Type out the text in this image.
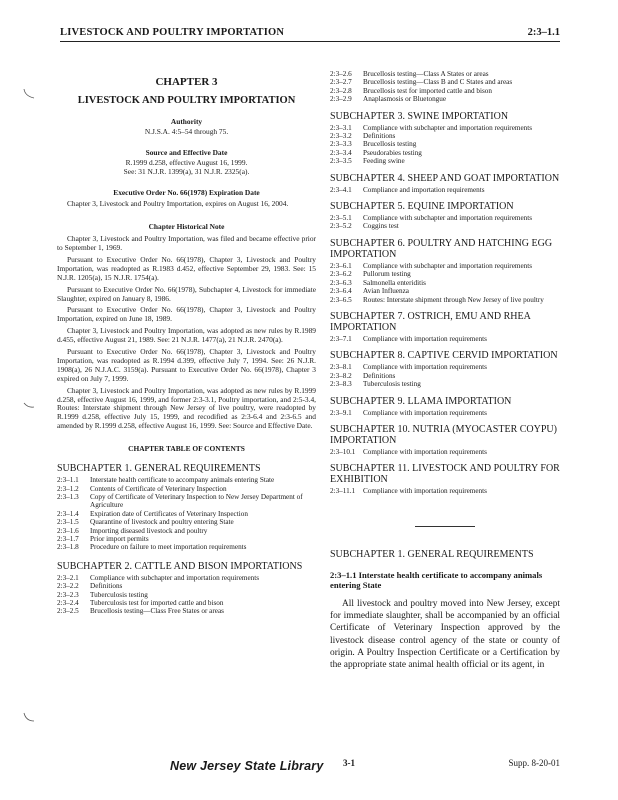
LIVESTOCK AND POULTRY IMPORTATION	2:3–1.1
CHAPTER 3
LIVESTOCK AND POULTRY IMPORTATION
Authority
N.J.S.A. 4:5–54 through 75.
Source and Effective Date
R.1999 d.258, effective August 16, 1999.
See: 31 N.J.R. 1399(a), 31 N.J.R. 2325(a).
Executive Order No. 66(1978) Expiration Date

Chapter 3, Livestock and Poultry Importation, expires on August 16, 2004.

Chapter Historical Note

Chapter 3, Livestock and Poultry Importation, was filed and became effective prior to September 1, 1969.

Pursuant to Executive Order No. 66(1978), Chapter 3, Livestock and Poultry Importation, was readopted as R.1983 d.452, effective September 29, 1983. See: 15 N.J.R. 1205(a), 15 N.J.R. 1754(a).

Pursuant to Executive Order No. 66(1978), Subchapter 4, Livestock for immediate Slaughter, expired on January 8, 1986.

Pursuant to Executive Order No. 66(1978), Chapter 3, Livestock and Poultry Importation, expired on June 18, 1989.

Chapter 3, Livestock and Poultry Importation, was adopted as new rules by R.1989 d.455, effective August 21, 1989. See: 21 N.J.R. 1477(a), 21 N.J.R. 2470(a).

Pursuant to Executive Order No. 66(1978), Chapter 3, Livestock and Poultry Importation, was readopted as R.1994 d.399, effective July 7, 1994. See: 26 N.J.R. 1908(a), 26 N.J.A.C. 3159(a). Pursuant to Executive Order No. 66(1978), Chapter 3 expired on July 7, 1999.

Chapter 3, Livestock and Poultry Importation, was adopted as new rules by R.1999 d.258, effective August 16, 1999, and former 2:3-3.1, Poultry importation, and 2:5-3.4, Routes: Interstate shipment through New Jersey of live poultry, were readopted by R.1999 d.258, effective July 15, 1999, and recodified as 2:3-6.4 and 2:3-6.5 and amended by R.1999 d.258, effective August 16, 1999. See: Source and Effective Date.

CHAPTER TABLE OF CONTENTS
SUBCHAPTER 1. GENERAL REQUIREMENTS
2:3–1.1	Interstate health certificate to accompany animals entering State
2:3–1.2	Contents of Certificate of Veterinary Inspection
2:3–1.3	Copy of Certificate of Veterinary Inspection to New Jersey Department of Agriculture
2:3–1.4	Expiration date of Certificates of Veterinary Inspection
2:3–1.5	Quarantine of livestock and poultry entering State
2:3–1.6	Importing diseased livestock and poultry
2:3–1.7	Prior import permits
2:3–1.8	Procedure on failure to meet importation requirements
SUBCHAPTER 2. CATTLE AND BISON IMPORTATIONS
2:3–2.1	Compliance with subchapter and importation requirements
2:3–2.2	Definitions
2:3–2.3	Tuberculosis testing
2:3–2.4	Tuberculosis test for imported cattle and bison
2:3–2.5	Brucellosis testing—Class Free States or areas
2:3–2.6	Brucellosis testing—Class A States or areas
2:3–2.7	Brucellosis testing—Class B and C States and areas
2:3–2.8	Brucellosis test for imported cattle and bison
2:3–2.9	Anaplasmosis or Bluetongue
SUBCHAPTER 3. SWINE IMPORTATION
2:3–3.1	Compliance with subchapter and importation requirements
2:3–3.2	Definitions
2:3–3.3	Brucellosis testing
2:3–3.4	Pseudorabies testing
2:3–3.5	Feeding swine
SUBCHAPTER 4. SHEEP AND GOAT IMPORTATION
2:3–4.1	Compliance and importation requirements
SUBCHAPTER 5. EQUINE IMPORTATION
2:3–5.1	Compliance with subchapter and importation requirements
2:3–5.2	Coggins test
SUBCHAPTER 6. POULTRY AND HATCHING EGG IMPORTATION
2:3–6.1	Compliance with subchapter and importation requirements
2:3–6.2	Pullorum testing
2:3–6.3	Salmonella enteriditis
2:3–6.4	Avian Influenza
2:3–6.5	Routes: Interstate shipment through New Jersey of live poultry
SUBCHAPTER 7. OSTRICH, EMU AND RHEA IMPORTATION
2:3–7.1	Compliance with importation requirements
SUBCHAPTER 8. CAPTIVE CERVID IMPORTATION
2:3–8.1	Compliance with importation requirements
2:3–8.2	Definitions
2:3–8.3	Tuberculosis testing
SUBCHAPTER 9. LLAMA IMPORTATION
2:3–9.1	Compliance with importation requirements
SUBCHAPTER 10. NUTRIA (MYOCASTER COYPU) IMPORTATION
2:3–10.1	Compliance with importation requirements
SUBCHAPTER 11. LIVESTOCK AND POULTRY FOR EXHIBITION
2:3–11.1	Compliance with importation requirements
SUBCHAPTER 1. GENERAL REQUIREMENTS
2:3–1.1 Interstate health certificate to accompany animals entering State

All livestock and poultry moved into New Jersey, except for immediate slaughter, shall be accompanied by an official Certificate of Veterinary Inspection approved by the livestock disease control agency of the state or county of origin. A Poultry Inspection Certificate or a Certification by the appropriate state animal health official or its agent, in

New Jersey State Library 3-1	Supp. 8-20-01
